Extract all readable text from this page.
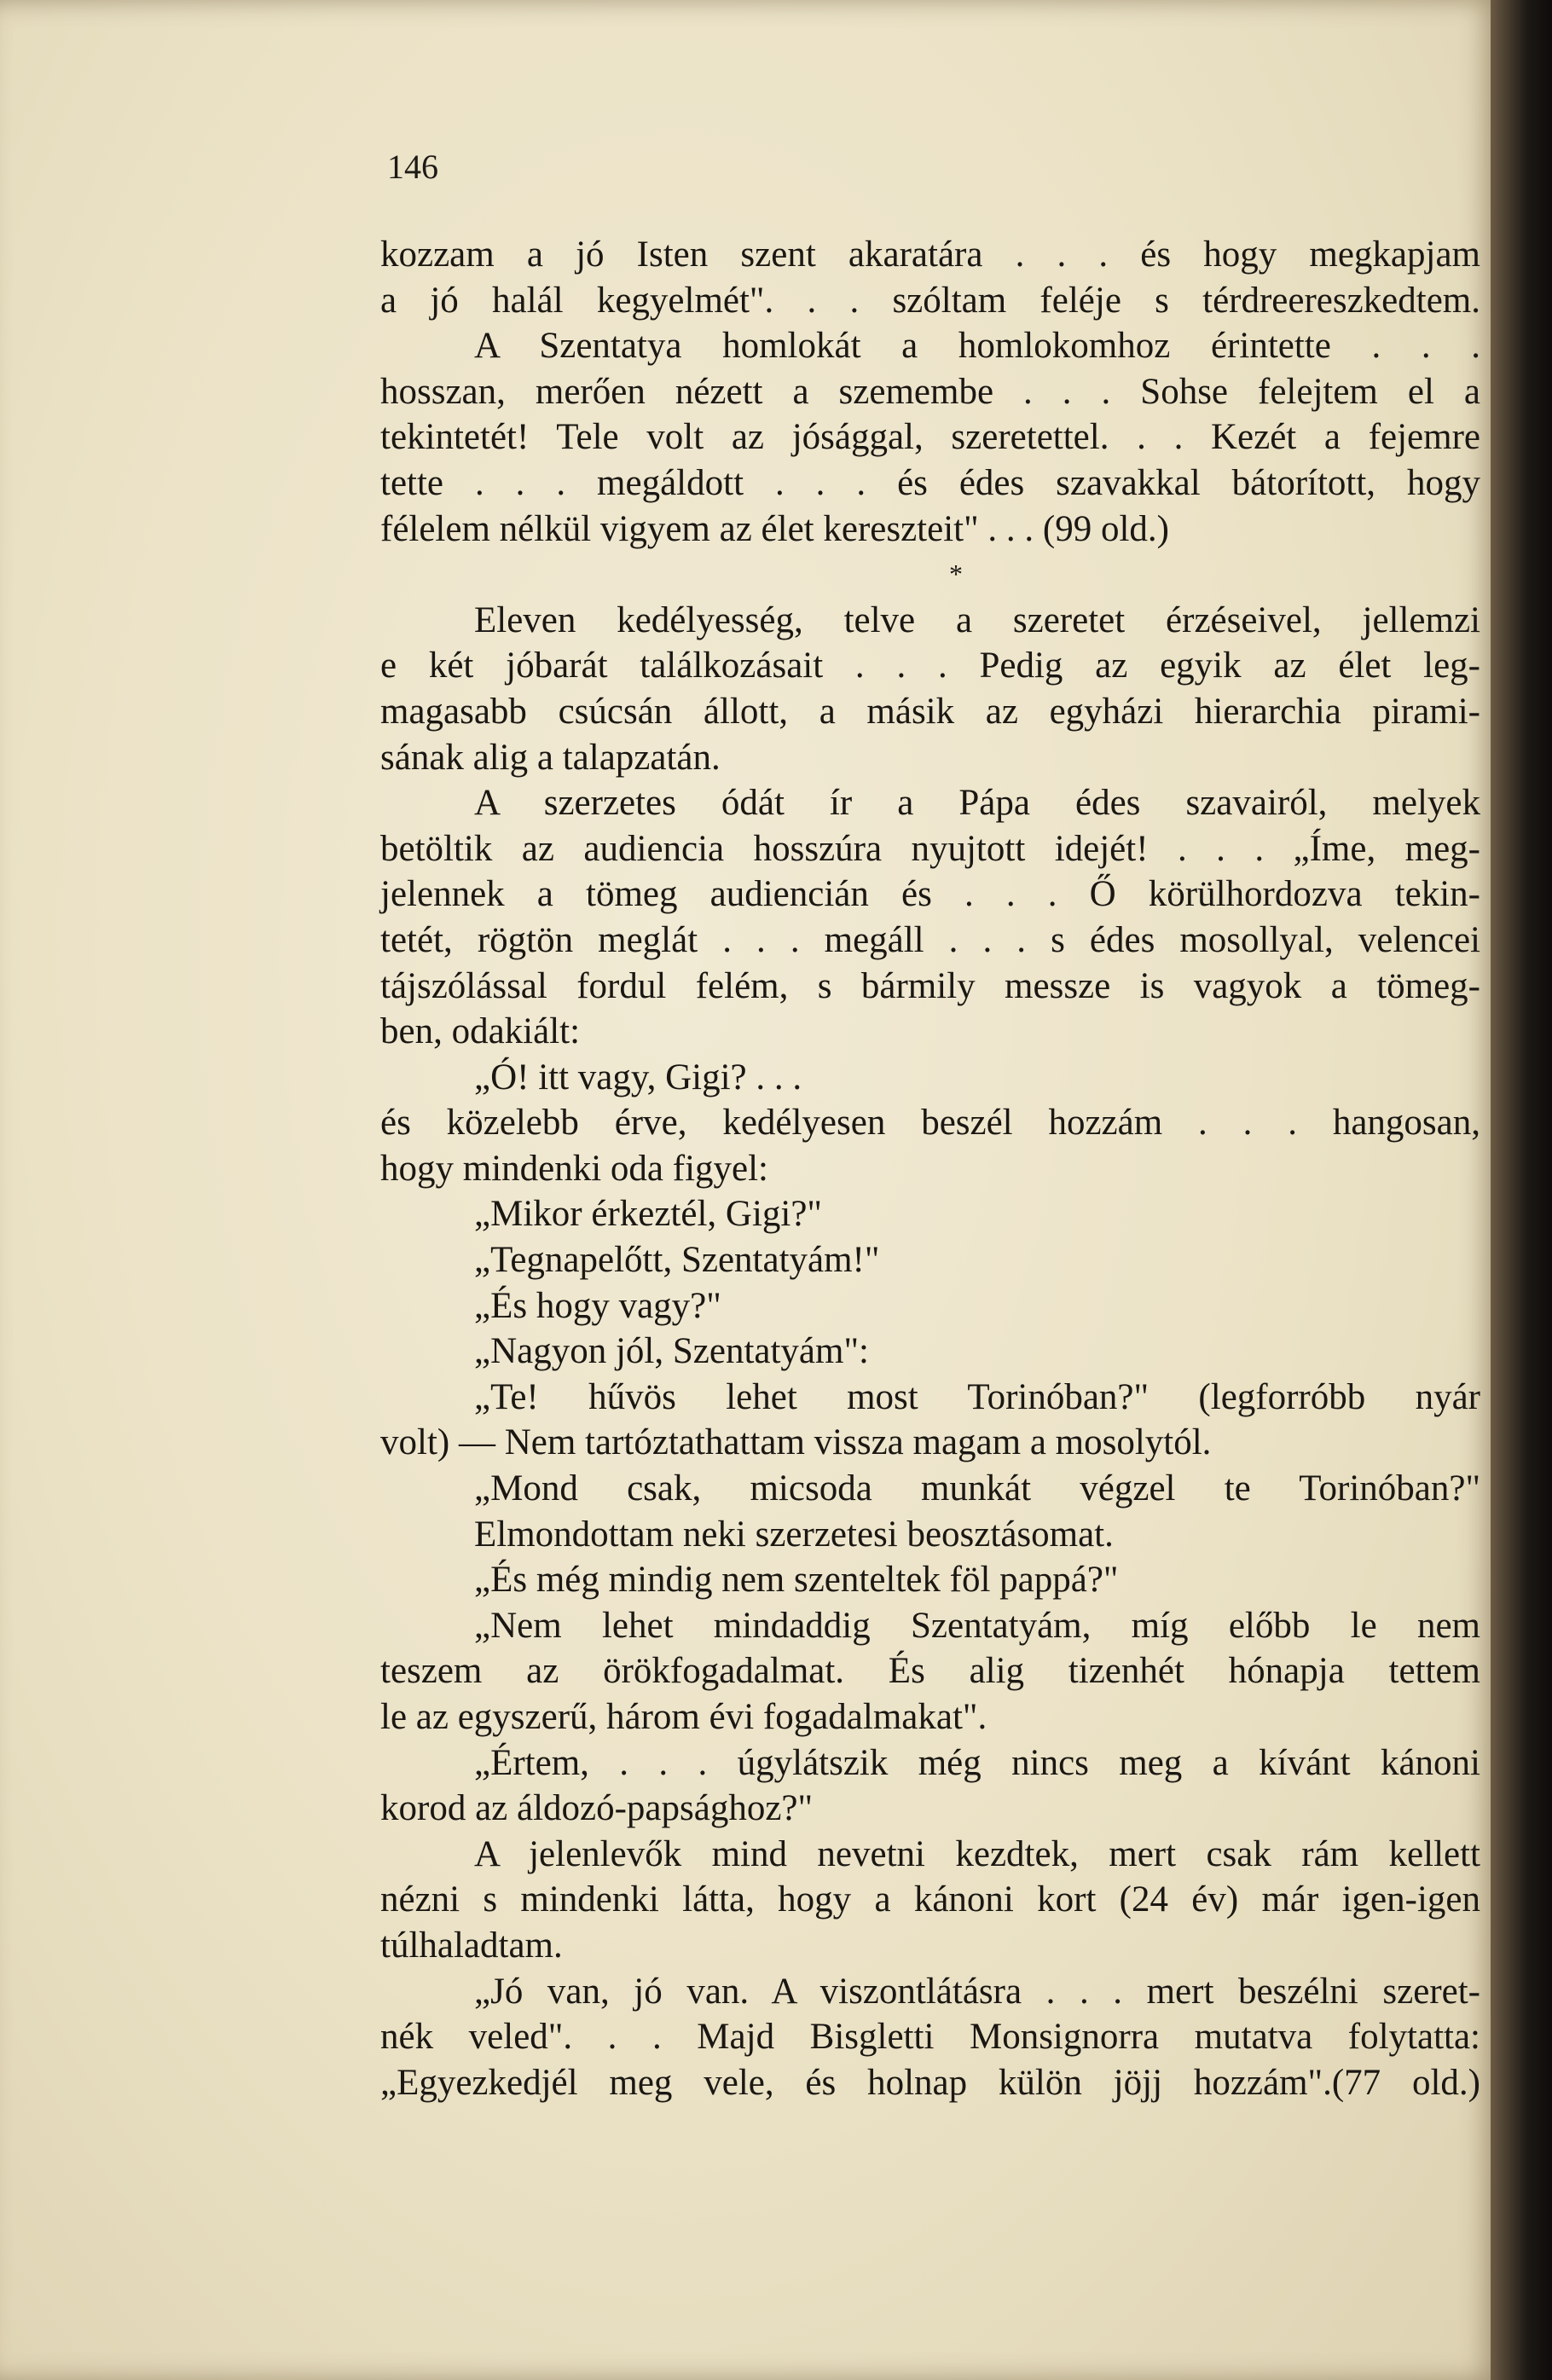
146
kozzam a jó Isten szent akaratára . . . és hogy megkapjam
a jó halál kegyelmét". . . szóltam feléje s térdreereszkedtem.
A Szentatya homlokát a homlokomhoz érintette . . .
hosszan, merően nézett a szemembe . . . Sohse felejtem el a
tekintetét! Tele volt az jósággal, szeretettel. . . Kezét a fejemre
tette . . . megáldott . . . és édes szavakkal bátorított, hogy
félelem nélkül vigyem az élet kereszteit" . . . (99 old.)
*
Eleven kedélyesség, telve a szeretet érzéseivel, jellemzi
e két jóbarát találkozásait . . . Pedig az egyik az élet leg-
magasabb csúcsán állott, a másik az egyházi hierarchia pirami-
sának alig a talapzatán.
A szerzetes ódát ír a Pápa édes szavairól, melyek
betöltik az audiencia hosszúra nyujtott idejét! . . . „Íme, meg-
jelennek a tömeg audiencián és . . . Ő körülhordozva tekin-
tetét, rögtön meglát . . . megáll . . . s édes mosollyal, velencei
tájszólással fordul felém, s bármily messze is vagyok a tömeg-
ben, odakiált:
„Ó! itt vagy, Gigi? . . .
és közelebb érve, kedélyesen beszél hozzám . . . hangosan,
hogy mindenki oda figyel:
„Mikor érkeztél, Gigi?"
„Tegnapelőtt, Szentatyám!"
„És hogy vagy?"
„Nagyon jól, Szentatyám":
„Te! hűvös lehet most Torinóban?" (legforróbb nyár
volt) — Nem tartóztathattam vissza magam a mosolytól.
„Mond csak, micsoda munkát végzel te Torinóban?"
Elmondottam neki szerzetesi beosztásomat.
„És még mindig nem szenteltek föl pappá?"
„Nem lehet mindaddig Szentatyám, míg előbb le nem
teszem az örökfogadalmat. És alig tizenhét hónapja tettem
le az egyszerű, három évi fogadalmakat".
„Értem, . . . úgylátszik még nincs meg a kívánt kánoni
korod az áldozó-papsághoz?"
A jelenlevők mind nevetni kezdtek, mert csak rám kellett
nézni s mindenki látta, hogy a kánoni kort (24 év) már igen-igen
túlhaladtam.
„Jó van, jó van. A viszontlátásra . . . mert beszélni szeret-
nék veled". . . Majd Bisgletti Monsignorra mutatva folytatta:
„Egyezkedjél meg vele, és holnap külön jöjj hozzám".(77 old.)
